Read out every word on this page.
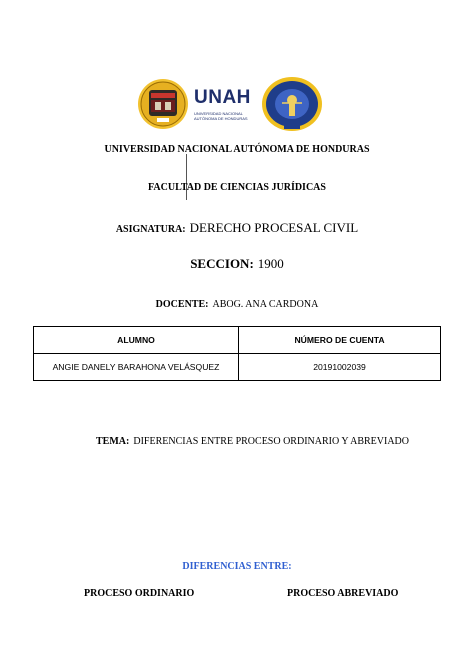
UNAH
UNIVERSIDAD NACIONAL
AUTÓNOMA DE HONDURAS
UNIVERSIDAD NACIONAL AUTÓNOMA DE HONDURAS
FACULTAD DE CIENCIAS JURÍDICAS
ASIGNATURA: DERECHO PROCESAL CIVIL
SECCION: 1900
DOCENTE: ABOG. ANA CARDONA
ALUMNO	NÚMERO DE CUENTA
ANGIE DANELY BARAHONA VELÁSQUEZ	20191002039
TEMA: DIFERENCIAS ENTRE PROCESO ORDINARIO Y ABREVIADO
DIFERENCIAS ENTRE:
PROCESO ORDINARIO	PROCESO ABREVIADO
